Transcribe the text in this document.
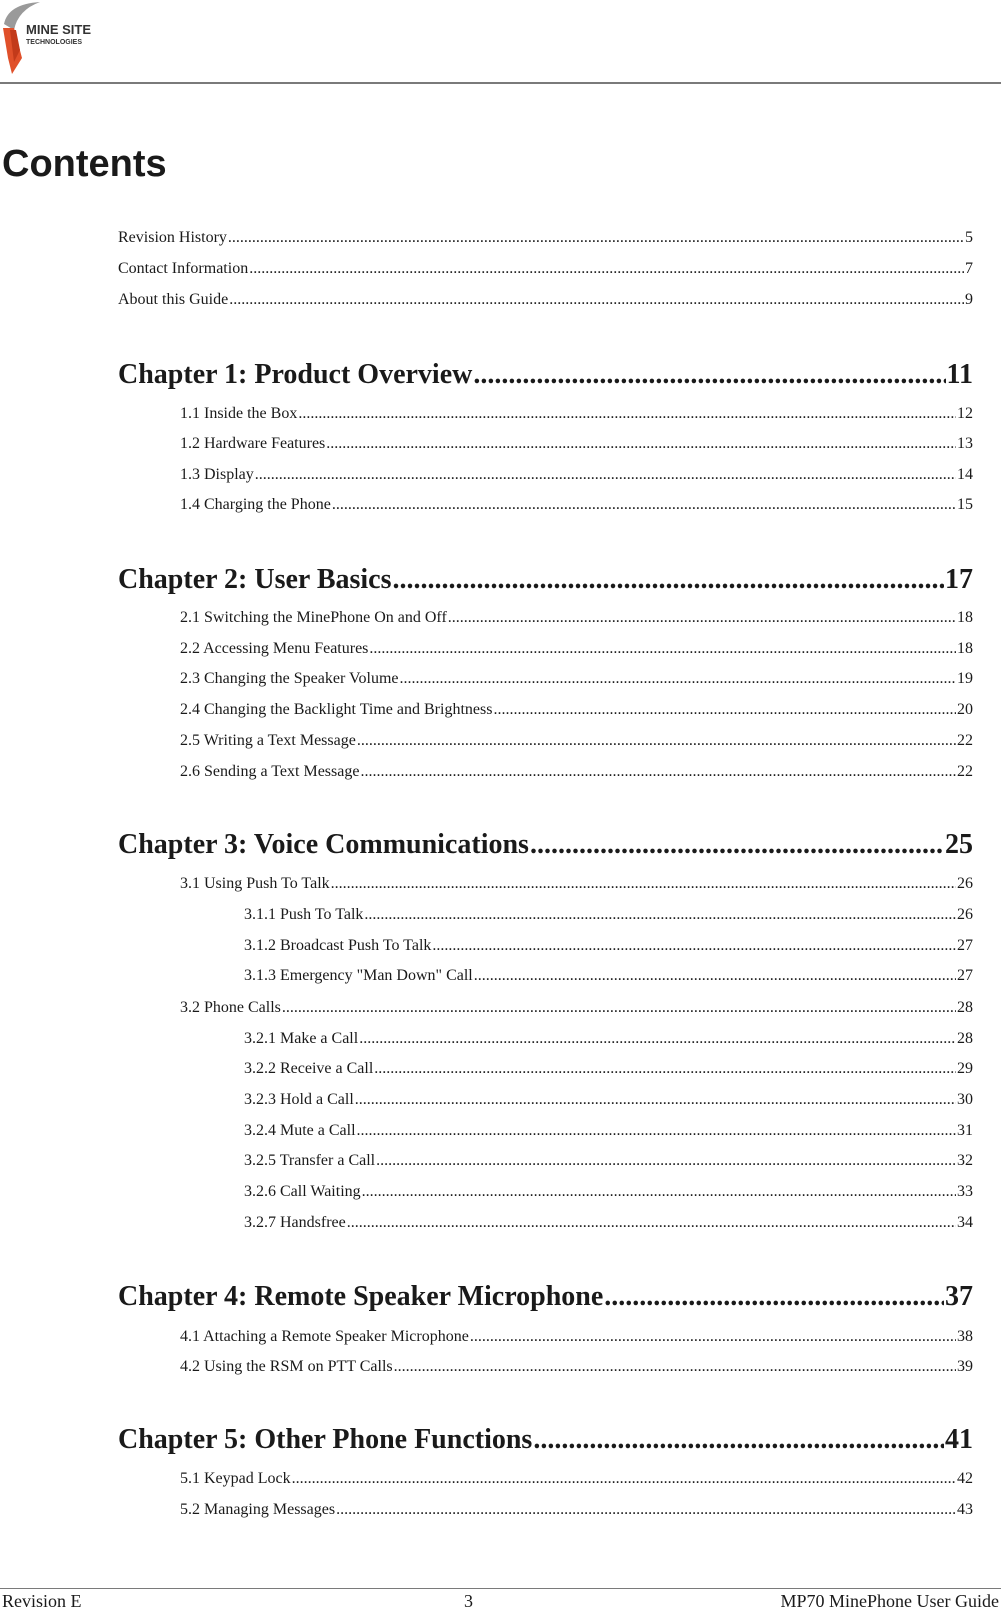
MINE SITE
TECHNOLOGIES
Contents
Revision History .....	5
Contact Information .....	7
About this Guide .....	9
Chapter 1: Product Overview .....	11
1.1 Inside the Box .....	12
1.2 Hardware Features .....	13
1.3 Display .....	14
1.4 Charging the Phone .....	15
Chapter 2: User Basics .....	17
2.1 Switching the MinePhone On and Off .....	18
2.2 Accessing Menu Features .....	18
2.3 Changing the Speaker Volume .....	19
2.4 Changing the Backlight Time and Brightness .....	20
2.5 Writing a Text Message .....	22
2.6 Sending a Text Message .....	22
Chapter 3: Voice Communications .....	25
3.1 Using Push To Talk .....	26
3.1.1 Push To Talk .....	26
3.1.2 Broadcast Push To Talk .....	27
3.1.3 Emergency "Man Down" Call .....	27
3.2 Phone Calls .....	28
3.2.1 Make a Call .....	28
3.2.2 Receive a Call .....	29
3.2.3 Hold a Call .....	30
3.2.4 Mute a Call .....	31
3.2.5 Transfer a Call .....	32
3.2.6 Call Waiting .....	33
3.2.7 Handsfree .....	34
Chapter 4: Remote Speaker Microphone .....	37
4.1 Attaching a Remote Speaker Microphone .....	38
4.2 Using the RSM on PTT Calls .....	39
Chapter 5: Other Phone Functions .....	41
5.1 Keypad Lock .....	42
5.2 Managing Messages .....	43
Revision E	3	MP70 MinePhone User Guide
